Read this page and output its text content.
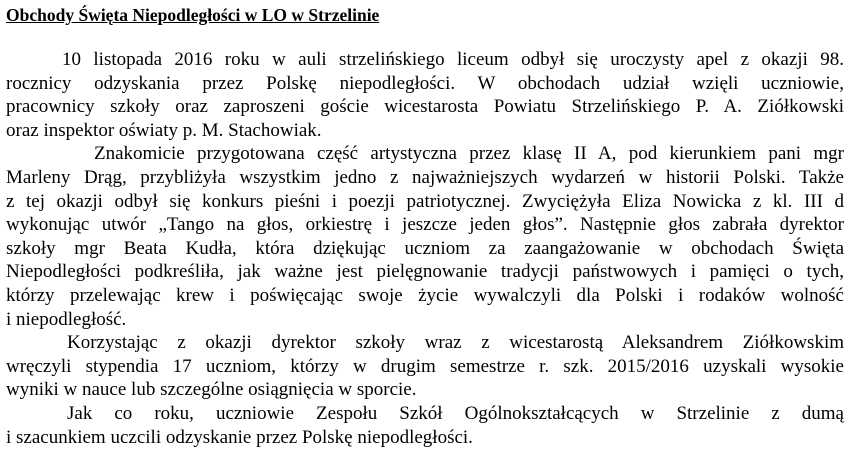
Obchody Święta Niepodległości w LO w Strzelinie
10 listopada 2016 roku w auli strzelińskiego liceum odbył się uroczysty apel z okazji 98.
rocznicy odzyskania przez Polskę niepodległości. W obchodach udział wzięli uczniowie,
pracownicy szkoły oraz zaproszeni goście wicestarosta Powiatu Strzelińskiego P. A. Ziółkowski
oraz inspektor oświaty p. M. Stachowiak.
Znakomicie przygotowana część artystyczna przez klasę II A, pod kierunkiem pani mgr
Marleny Drąg, przybliżyła wszystkim jedno z najważniejszych wydarzeń w historii Polski. Także
z tej okazji odbył się konkurs pieśni i poezji patriotycznej. Zwyciężyła Eliza Nowicka z kl. III d
wykonując utwór „Tango na głos, orkiestrę i jeszcze jeden głos”. Następnie głos zabrała dyrektor
szkoły mgr Beata Kudła, która dziękując uczniom za zaangażowanie w obchodach Święta
Niepodległości podkreśliła, jak ważne jest pielęgnowanie tradycji państwowych i pamięci o tych,
którzy przelewając krew i poświęcając swoje życie wywalczyli dla Polski i rodaków wolność
i niepodległość.
Korzystając z okazji dyrektor szkoły wraz z wicestarostą Aleksandrem Ziółkowskim
wręczyli stypendia 17 uczniom, którzy w drugim semestrze r. szk. 2015/2016 uzyskali wysokie
wyniki w nauce lub szczególne osiągnięcia w sporcie.
Jak co roku, uczniowie Zespołu Szkół Ogólnokształcących w Strzelinie z dumą
i szacunkiem uczcili odzyskanie przez Polskę niepodległości.
